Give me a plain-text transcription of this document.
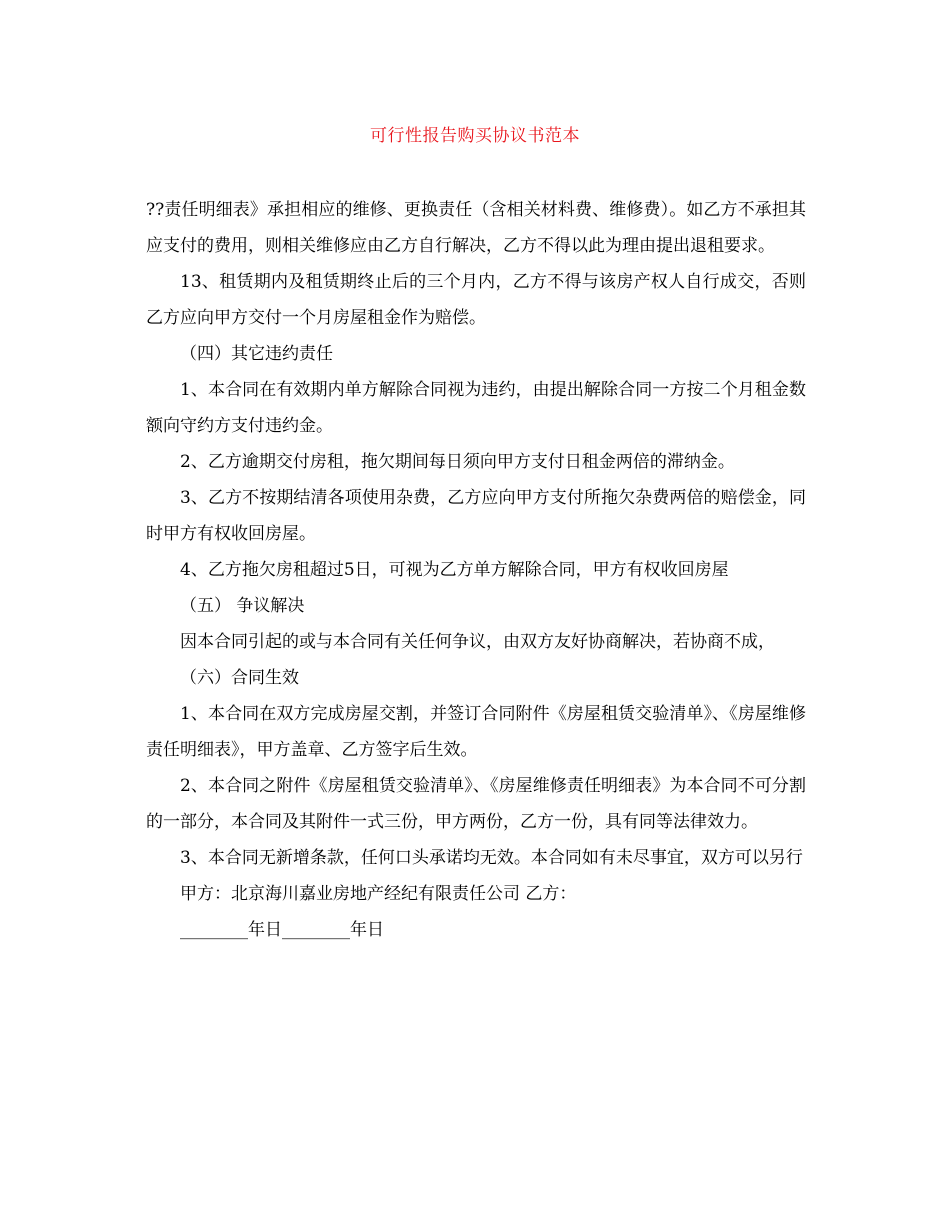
可行性报告购买协议书范本

??责任明细表》承担相应的维修、更换责任（含相关材料费、维修费）。如乙方不承担其应支付的费用，则相关维修应由乙方自行解决，乙方不得以此为理由提出退租要求。

13、租赁期内及租赁期终止后的三个月内，乙方不得与该房产权人自行成交，否则乙方应向甲方交付一个月房屋租金作为赔偿。

（四）其它违约责任

1、本合同在有效期内单方解除合同视为违约，由提出解除合同一方按二个月租金数额向守约方支付违约金。

2、乙方逾期交付房租，拖欠期间每日须向甲方支付日租金两倍的滞纳金。

3、乙方不按期结清各项使用杂费，乙方应向甲方支付所拖欠杂费两倍的赔偿金，同时甲方有权收回房屋。

4、乙方拖欠房租超过5日，可视为乙方单方解除合同，甲方有权收回房屋

（五） 争议解决

因本合同引起的或与本合同有关任何争议，由双方友好协商解决，若协商不成，

（六）合同生效

1、本合同在双方完成房屋交割，并签订合同附件《房屋租赁交验清单》、《房屋维修责任明细表》，甲方盖章、乙方签字后生效。

2、本合同之附件《房屋租赁交验清单》、《房屋维修责任明细表》为本合同不可分割的一部分，本合同及其附件一式三份，甲方两份，乙方一份，具有同等法律效力。

3、本合同无新增条款，任何口头承诺均无效。本合同如有未尽事宜，双方可以另行

甲方：北京海川嘉业房地产经纪有限责任公司 乙方：

________年日________年日
